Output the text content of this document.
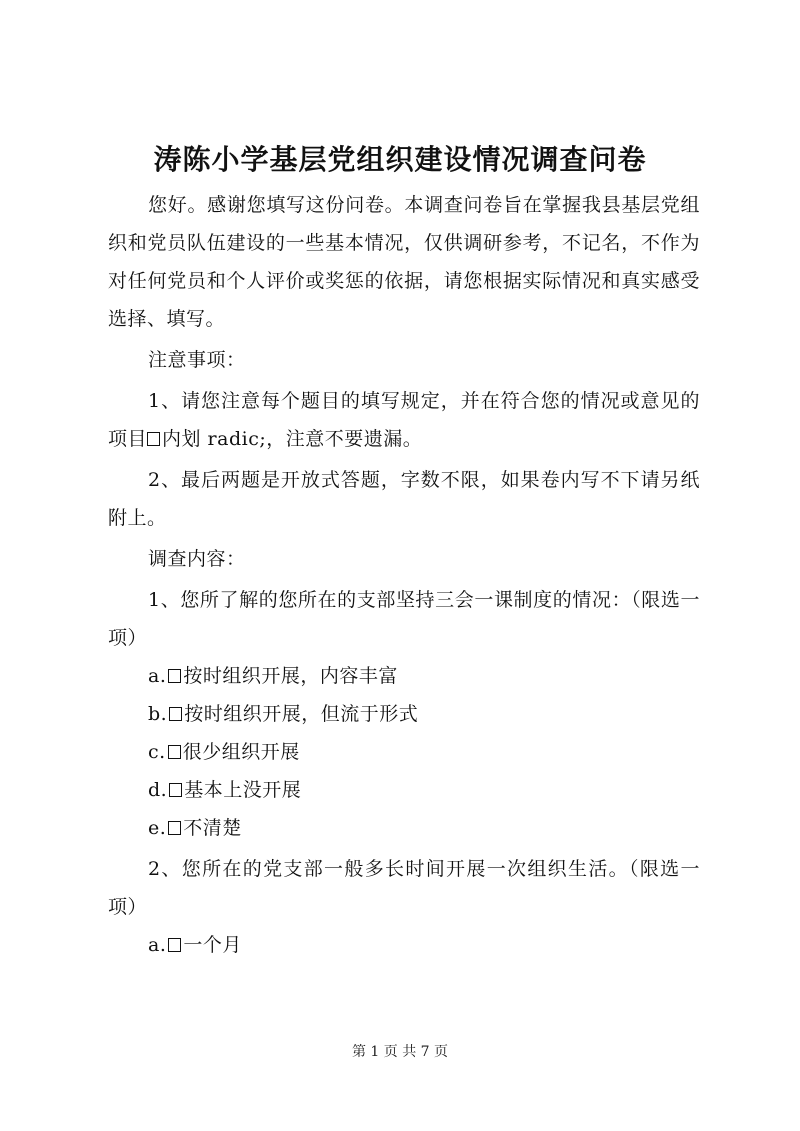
涛陈小学基层党组织建设情况调查问卷

您好。感谢您填写这份问卷。本调查问卷旨在掌握我县基层党组织和党员队伍建设的一些基本情况，仅供调研参考，不记名，不作为对任何党员和个人评价或奖惩的依据，请您根据实际情况和真实感受选择、填写。

注意事项：

1、请您注意每个题目的填写规定，并在符合您的情况或意见的项目 内划 radic;，注意不要遗漏。

2、最后两题是开放式答题，字数不限，如果卷内写不下请另纸附上。

调查内容：

1、您所了解的您所在的支部坚持三会一课制度的情况：（限选一项）

a. 按时组织开展，内容丰富

b. 按时组织开展，但流于形式

c. 很少组织开展

d. 基本上没开展

e. 不清楚

2、您所在的党支部一般多长时间开展一次组织生活。（限选一项）

a. 一个月

第 1 页 共 7 页
